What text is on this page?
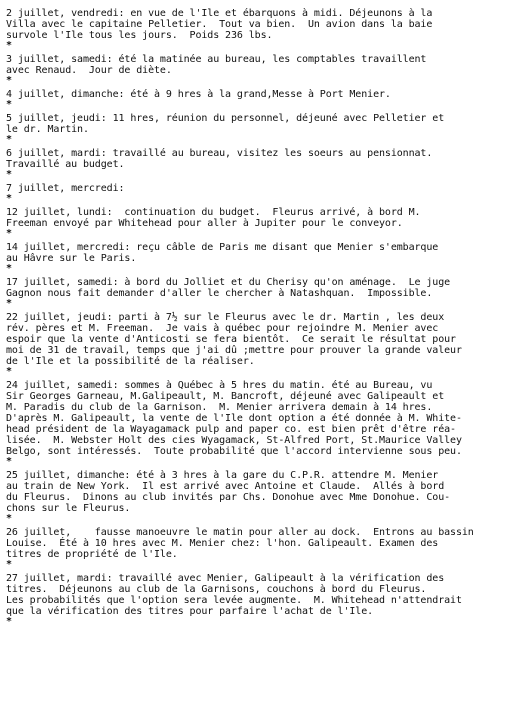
2 juillet, vendredi: en vue de l'Ile et ébarquons à midi. Déjeunons à la
Villa avec le capitaine Pelletier.  Tout va bien.  Un avion dans la baie
survole l'Ile tous les jours.  Poids 236 lbs.
*
3 juillet, samedi: été la matinée au bureau, les comptables travaillent
avec Renaud.  Jour de diète.
*
4 juillet, dimanche: été à 9 hres à la grand,Messe à Port Menier.
*
5 juillet, jeudi: 11 hres, réunion du personnel, déjeuné avec Pelletier et
le dr. Martin.
*
6 juillet, mardi: travaillé au bureau, visitez les soeurs au pensionnat.
Travaillé au budget.
*
7 juillet, mercredi:
*
12 juillet, lundi:  continuation du budget.  Fleurus arrivé, à bord M.
Freeman envoyé par Whitehead pour aller à Jupiter pour le conveyor.
*
14 juillet, mercredi: reçu câble de Paris me disant que Menier s'embarque
au Hâvre sur le Paris.
*
17 juillet, samedi: à bord du Jolliet et du Cherisy qu'on aménage.  Le juge
Gagnon nous fait demander d'aller le chercher à Natashquan.  Impossible.
*
22 juillet, jeudi: parti à 7½ sur le Fleurus avec le dr. Martin , les deux
rév. pères et M. Freeman.  Je vais à québec pour rejoindre M. Menier avec
espoir que la vente d'Anticosti se fera bientôt.  Ce serait le résultat pour
moi de 31 de travail, temps que j'ai dû ;mettre pour prouver la grande valeur
de l'Ile et la possibilité de la réaliser.
*
24 juillet, samedi: sommes à Québec à 5 hres du matin. été au Bureau, vu
Sir Georges Garneau, M.Galipeault, M. Bancroft, déjeuné avec Galipeault et
M. Paradis du club de la Garnison.  M. Menier arrivera demain à 14 hres.
D'après M. Galipeault, la vente de l'Ile dont option a été donnée à M. White-
head président de la Wayagamack pulp and paper co. est bien prêt d'être réa-
lisée.  M. Webster Holt des cies Wyagamack, St-Alfred Port, St.Maurice Valley
Belgo, sont intéressés.  Toute probabilité que l'accord intervienne sous peu.
*
25 juillet, dimanche: été à 3 hres à la gare du C.P.R. attendre M. Menier
au train de New York.  Il est arrivé avec Antoine et Claude.  Allés à bord
du Fleurus.  Dinons au club invités par Chs. Donohue avec Mme Donohue. Cou-
chons sur le Fleurus.
*
26 juillet,    fausse manoeuvre le matin pour aller au dock.  Entrons au bassin
Louise.  Été à 10 hres avec M. Menier chez: l'hon. Galipeault. Examen des
titres de propriété de l'Ile.
*
27 juillet, mardi: travaillé avec Menier, Galipeault à la vérification des
titres.  Déjeunons au club de la Garnisons, couchons à bord du Fleurus.
Les probabilités que l'option sera levée augmente.  M. Whitehead n'attendrait
que la vérification des titres pour parfaire l'achat de l'Ile.
*
